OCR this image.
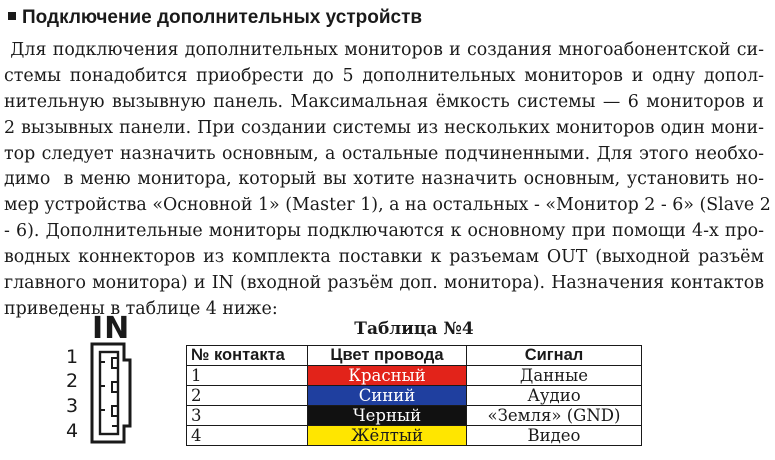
Подключение дополнительных устройств
Для подключения дополнительных мониторов и создания многоабонентской си-
стемы понадобится приобрести до 5 дополнительных мониторов и одну допол-
нительную вызывную панель. Максимальная ёмкость системы — 6 мониторов и
2 вызывных панели. При создании системы из нескольких мониторов один мони-
тор следует назначить основным, а остальные подчиненными. Для этого необхо-
димо  в меню монитора, который вы хотите назначить основным, установить но-
мер устройства «Основной 1» (Master 1), а на остальных - «Монитор 2 - 6» (Slave 2
- 6). Дополнительные мониторы подключаются к основному при помощи 4-х про-
водных коннекторов из комплекта поставки к разъемам OUT (выходной разъём
главного монитора) и IN (входной разъём доп. монитора). Назначения контактов
приведены в таблице 4 ниже:
IN
1
2
3
4
Таблица №4
№ контакта	Цвет провода	Сигнал
1	Красный	Данные
2	Синий	Аудио
3	Черный	«Земля» (GND)
4	Жёлтый	Видео
